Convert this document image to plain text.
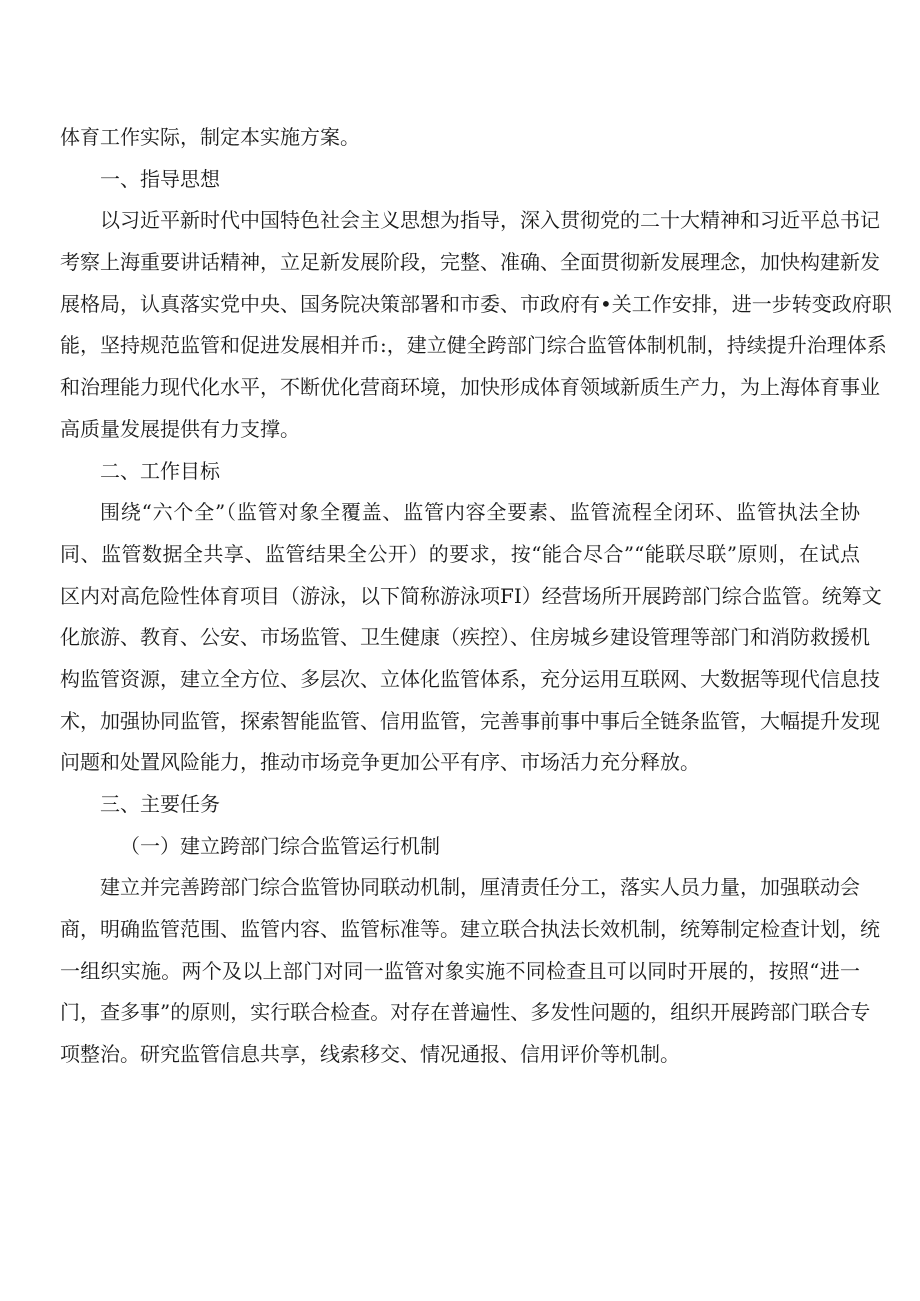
体育工作实际，制定本实施方案。
一、指导思想
以习近平新时代中国特色社会主义思想为指导，深入贯彻党的二十大精神和习近平总书记
考察上海重要讲话精神，立足新发展阶段，完整、准确、全面贯彻新发展理念，加快构建新发
展格局，认真落实党中央、国务院决策部署和市委、市政府有•关工作安排，进一步转变政府职
能，坚持规范监管和促进发展相并币:，建立健全跨部门综合监管体制机制，持续提升治理体系
和治理能力现代化水平，不断优化营商环境，加快形成体育领域新质生产力，为上海体育事业
高质量发展提供有力支撑。
二、工作目标
围绕“六个全”（监管对象全覆盖、监管内容全要素、监管流程全闭环、监管执法全协
同、监管数据全共享、监管结果全公开）的要求，按“能合尽合”“能联尽联”原则，在试点
区内对高危险性体育项目（游泳，以下简称游泳项FI）经营场所开展跨部门综合监管。统筹文
化旅游、教育、公安、市场监管、卫生健康（疾控）、住房城乡建设管理等部门和消防救援机
构监管资源，建立全方位、多层次、立体化监管体系，充分运用互联网、大数据等现代信息技
术，加强协同监管，探索智能监管、信用监管，完善事前事中事后全链条监管，大幅提升发现
问题和处置风险能力，推动市场竞争更加公平有序、市场活力充分释放。
三、主要任务
（一）建立跨部门综合监管运行机制
建立并完善跨部门综合监管协同联动机制，厘清责任分工，落实人员力量，加强联动会
商，明确监管范围、监管内容、监管标准等。建立联合执法长效机制，统筹制定检查计划，统
一组织实施。两个及以上部门对同一监管对象实施不同检查且可以同时开展的，按照“进一
门，查多事”的原则，实行联合检查。对存在普遍性、多发性问题的，组织开展跨部门联合专
项整治。研究监管信息共享，线索移交、情况通报、信用评价等机制。
